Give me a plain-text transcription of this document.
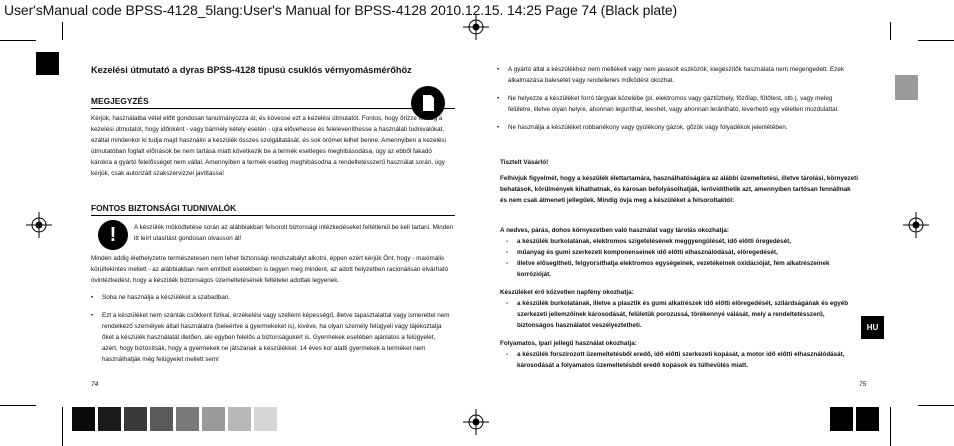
User'sManual code BPSS-4128_5lang:User's Manual for BPSS-4128 2010.12.15. 14:25 Page 74 (Black plate)
HU
Kezelési útmutató a dyras BPSS-4128 típusú csuklós vérnyomásmérőhöz
MEGJEGYZÉS
Kérjük, használatba vétel előtt gondosan tanulmányozza át, és kövesse ezt a kezelési útmutatót. Fontos, hogy őrizze is meg a kezelési útmutatót, hogy időnként - vagy bármely kétely esetén - újra elővehesse és feleleveníthesse a használati tudnivalókat, ezáltal mindenkor ki tudja majd használni a készülék összes szolgáltatását, és sok örömet lelhet benne. Amennyiben a kezelési útmutatóban foglalt előírások be nem tartása miatt következik be a termék esetleges meghibásodása, úgy az ebből fakadó károkra a gyártó felelősséget nem vállal. Amennyiben a termék esetleg meghibásodna a rendeltetésszerű használat során, úgy kérjük, csak autorizált szakszervizzel javíttassa!
FONTOS BIZTONSÁGI TUDNIVALÓK
!	A készülék működtetése során az alábbiakban felsorolt biztonsági intézkedéseket feltétlenül be kell tartani. Minden itt leírt utasítást gondosan olvasson át!
Minden addig élethelyzetre természetesen nem lehet biztonsági rendszabályt alkotni, éppen ezért kérjük Önt, hogy - maximális körültekintés mellett - az alábbiakban nem említett esetekben is tegyen meg mindent, az adott helyzetben racionálisan elvárható óvintézkedést, hogy a készülék biztonságos üzemeltetésének feltételei adottak legyenek.
• Soha ne használja a készüléket a szabadban.
• Ezt a készüléket nem szánták csökkent fizikai, érzékelési vagy szellemi képességű, illetve tapasztalattal vagy ismerettel nem rendelkező személyek általi használatra (beleértve a gyermekeket is), kivéve, ha olyan személy felügyeli vagy tájékoztatja őket a készülék használatát illetően, aki egyben felelős a biztonságukért is. Gyermekek esetében ajánlatos a felügyelet, azért, hogy biztosítsák, hogy a gyermekek ne játszanak a készülékkel. 14 éves kor alatti gyermekek a terméket nem használhatják még felügyelet mellett sem!
74
• A gyártó által a készülékhez nem mellékelt vagy nem javasolt eszközök, kiegészítők használata nem megengedett. Ezek alkalmazása balesetet vagy rendellenes működést okozhat.
• Ne helyezze a készüléket forró tárgyak közelébe (pl. elektromos vagy gáztűzhely, főzőlap, fűtőtest, stb.), vagy meleg felületre, illetve olyan helyre, ahonnan leguríthat, leeshet, vagy ahonnan lerántható, leverhető egy véletlen mozdulattal.
• Ne használja a készüléket robbanékony vagy gyúlékony gázok, gőzök vagy folyadékok jelenlétében.
Tisztelt Vásárló!
Felhívjuk figyelmét, hogy a készülék élettartamára, használhatóságára az alábbi üzemeltetési, illetve tárolási, környezeti behatások, körülmények kihathatnak, és károsan befolyásolhatják, lerövidíthetik azt, amennyiben tartósan fennállnak és nem csak átmeneti jellegűek. Mindig óvja meg a készüléket a felsoroltaktól:
A nedves, párás, dohos környezetben való használat vagy tárolás okozhatja:
- a készülék burkolatának, elektromos szigetelésének meggyengülését, idő előtti öregedését,
- műanyag és gumi szerkezeti komponenseinek idő előtti elhasználódását, elöregedését,
- illetve elősegítheti, felgyorsíthatja elektromos egységeinek, vezetékeinek oxidációját, fém alkatrészeinek korrózióját.
Készüléket érő közvetlen napfény okozhatja:
- a készülék burkolatának, illetve a plasztik és gumi alkatrészek idő előtti elöregedését, szilárdságának és egyéb szerkezeti jellemzőinek károsodását, felületük porozussá, törékennyé válását, mely a rendeltetésszerű, biztonságos használatot veszélyeztetheti.
Folyamatos, ipari jellegű használat okozhatja:
- a készülék forszírozott üzemeltetésből eredő, idő előtti szerkezeti kopását, a motor idő előtti elhasználódását, károsodását a folyamatos üzemeltetésből eredő kopások és túlhevülés miatt.
75
